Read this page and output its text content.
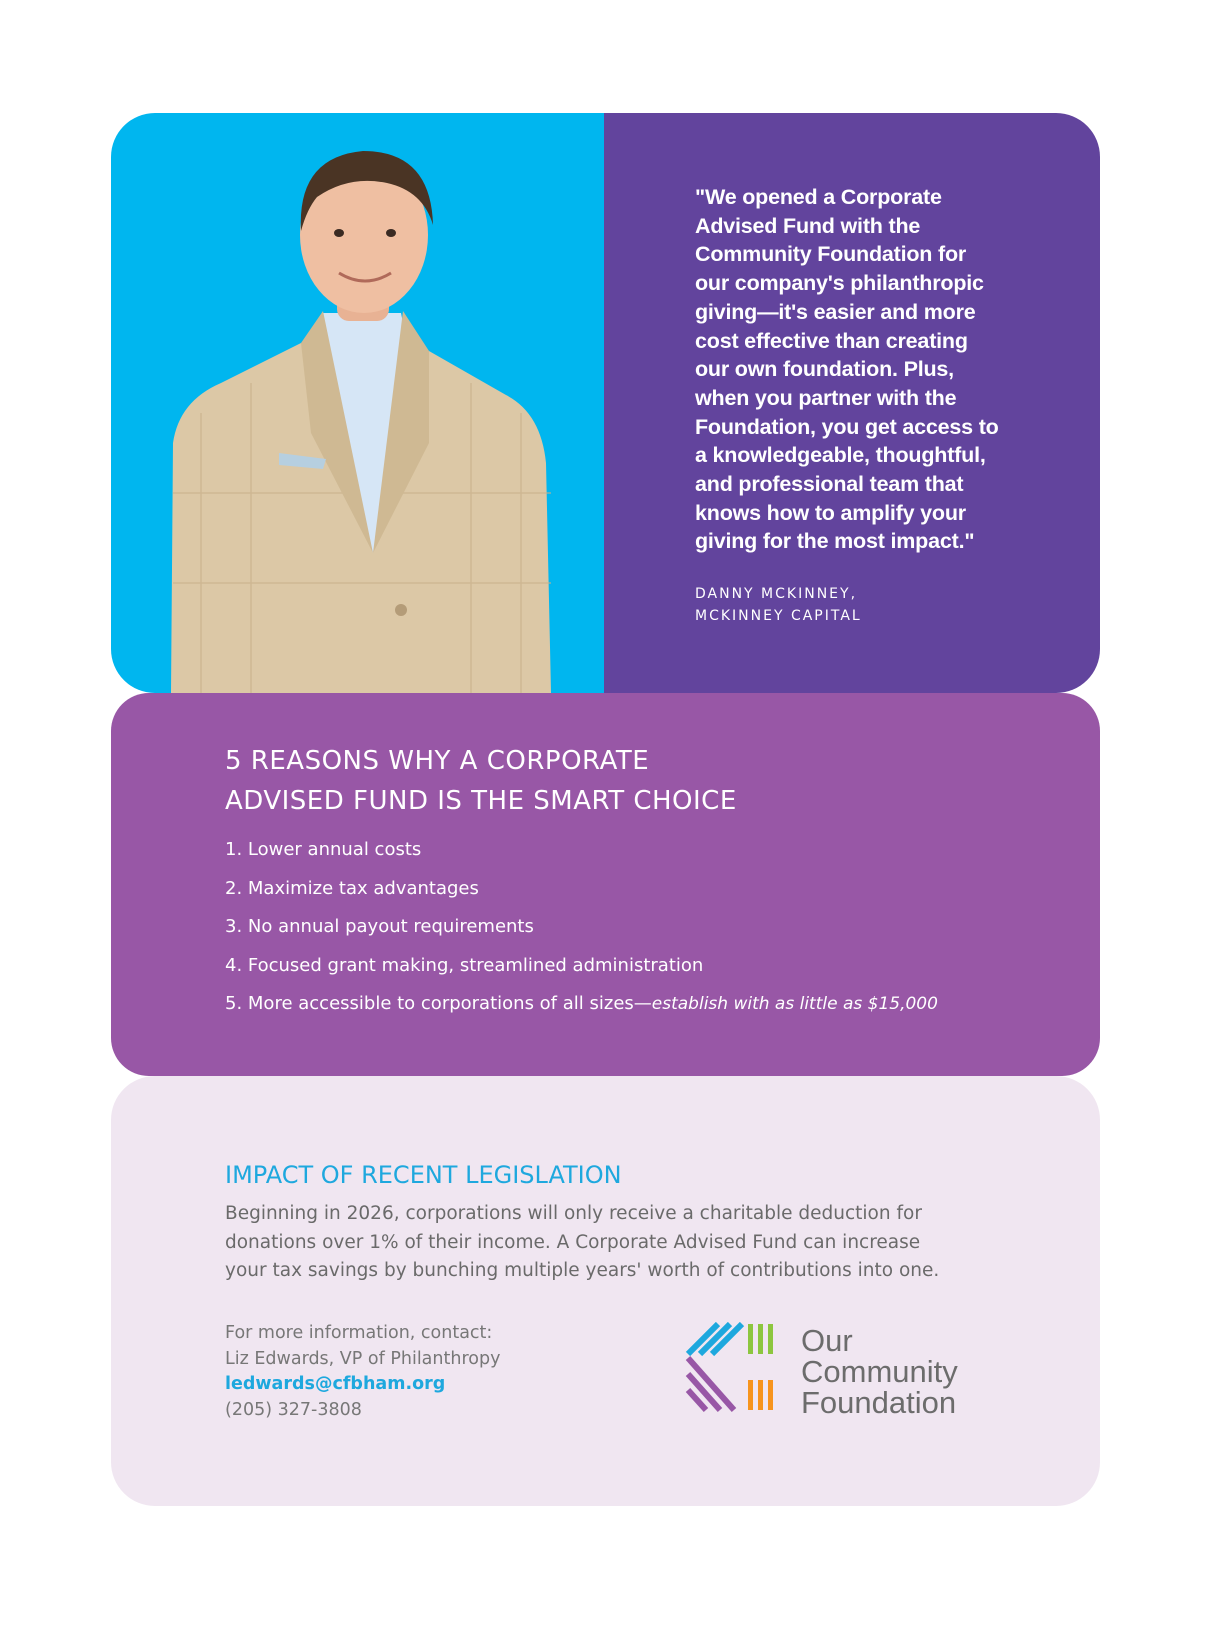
"We opened a Corporate
Advised Fund with the
Community Foundation for
our company's philanthropic
giving—it's easier and more
cost effective than creating
our own foundation. Plus,
when you partner with the
Foundation, you get access to
a knowledgeable, thoughtful,
and professional team that
knows how to amplify your
giving for the most impact."
DANNY MCKINNEY,
MCKINNEY CAPITAL
5 REASONS WHY A CORPORATE
ADVISED FUND IS THE SMART CHOICE
1. Lower annual costs
2. Maximize tax advantages
3. No annual payout requirements
4. Focused grant making, streamlined administration
5. More accessible to corporations of all sizes—establish with as little as $15,000
IMPACT OF RECENT LEGISLATION
Beginning in 2026, corporations will only receive a charitable deduction for
donations over 1% of their income. A Corporate Advised Fund can increase
your tax savings by bunching multiple years' worth of contributions into one.
For more information, contact:
Liz Edwards, VP of Philanthropy
ledwards@cfbham.org
(205) 327-3808
Our
Community
Foundation
